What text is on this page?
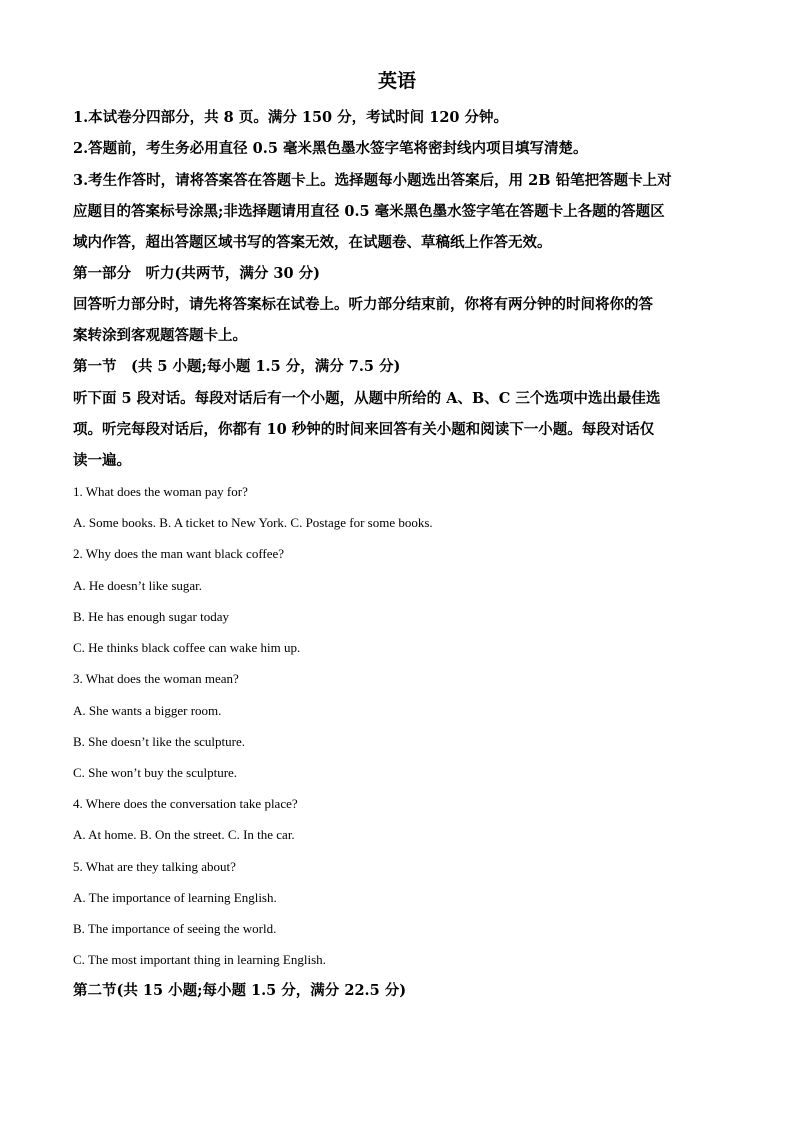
英语
1.本试卷分四部分，共 8 页。满分 150 分，考试时间 120 分钟。
2.答题前，考生务必用直径 0.5 毫米黑色墨水签字笔将密封线内项目填写清楚。
3.考生作答时，请将答案答在答题卡上。选择题每小题选出答案后，用 2B 铅笔把答题卡上对
应题目的答案标号涂黑;非选择题请用直径 0.5 毫米黑色墨水签字笔在答题卡上各题的答题区
域内作答，超出答题区域书写的答案无效，在试题卷、草稿纸上作答无效。
第一部分　听力(共两节，满分 30 分)
回答听力部分时，请先将答案标在试卷上。听力部分结束前，你将有两分钟的时间将你的答
案转涂到客观题答题卡上。
第一节　(共 5 小题;每小题 1.5 分，满分 7.5 分)
听下面 5 段对话。每段对话后有一个小题，从题中所给的 A、B、C 三个选项中选出最佳选
项。听完每段对话后，你都有 10 秒钟的时间来回答有关小题和阅读下一小题。每段对话仅
读一遍。
1. What does the woman pay for?
A. Some books. B. A ticket to New York. C. Postage for some books.
2. Why does the man want black coffee?
A. He doesn’t like sugar.
B. He has enough sugar today
C. He thinks black coffee can wake him up.
3. What does the woman mean?
A. She wants a bigger room.
B. She doesn’t like the sculpture.
C. She won’t buy the sculpture.
4. Where does the conversation take place?
A. At home. B. On the street. C. In the car.
5. What are they talking about?
A. The importance of learning English.
B. The importance of seeing the world.
C. The most important thing in learning English.
第二节(共 15 小题;每小题 1.5 分，满分 22.5 分)
